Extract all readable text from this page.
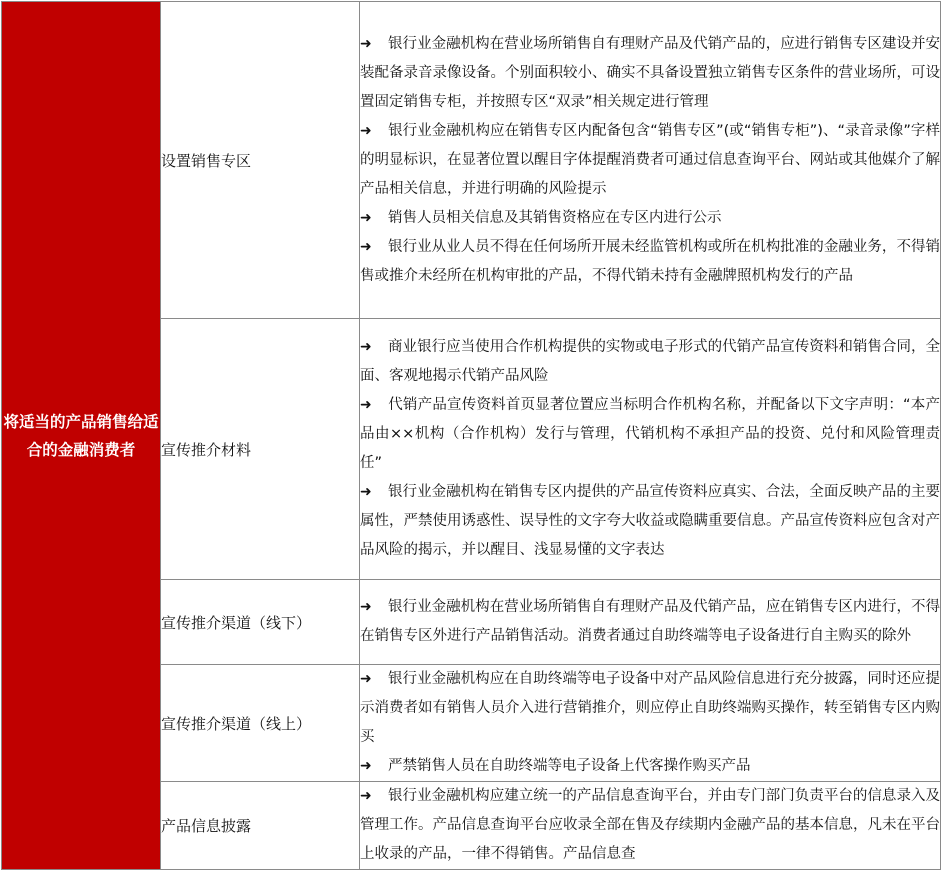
将适当的产品销售给适合的金融消费者	设置销售专区	➜ 银行业金融机构在营业场所销售自有理财产品及代销产品的，应进行销售专区建设并安装配备录音录像设备。个别面积较小、确实不具备设置独立销售专区条件的营业场所，可设置固定销售专柜，并按照专区“双录”相关规定进行管理

➜ 银行业金融机构应在销售专区内配备包含“销售专区”(或“销售专柜”)、“录音录像”字样的明显标识，在显著位置以醒目字体提醒消费者可通过信息查询平台、网站或其他媒介了解产品相关信息，并进行明确的风险提示

➜ 销售人员相关信息及其销售资格应在专区内进行公示

➜ 银行业从业人员不得在任何场所开展未经监管机构或所在机构批准的金融业务，不得销售或推介未经所在机构审批的产品，不得代销未持有金融牌照机构发行的产品

	宣传推介材料	➜ 商业银行应当使用合作机构提供的实物或电子形式的代销产品宣传资料和销售合同，全面、客观地揭示代销产品风险

➜ 代销产品宣传资料首页显著位置应当标明合作机构名称，并配备以下文字声明：“本产品由××机构（合作机构）发行与管理，代销机构不承担产品的投资、兑付和风险管理责任”

➜ 银行业金融机构在销售专区内提供的产品宣传资料应真实、合法，全面反映产品的主要属性，严禁使用诱惑性、误导性的文字夸大收益或隐瞒重要信息。产品宣传资料应包含对产品风险的揭示，并以醒目、浅显易懂的文字表达

	宣传推介渠道（线下）	➜ 银行业金融机构在营业场所销售自有理财产品及代销产品，应在销售专区内进行，不得在销售专区外进行产品销售活动。消费者通过自助终端等电子设备进行自主购买的除外

	宣传推介渠道（线上）	➜ 银行业金融机构应在自助终端等电子设备中对产品风险信息进行充分披露，同时还应提示消费者如有销售人员介入进行营销推介，则应停止自助终端购买操作，转至销售专区内购买

➜ 严禁销售人员在自助终端等电子设备上代客操作购买产品

	产品信息披露	➜ 银行业金融机构应建立统一的产品信息查询平台，并由专门部门负责平台的信息录入及管理工作。产品信息查询平台应收录全部在售及存续期内金融产品的基本信息，凡未在平台上收录的产品，一律不得销售。产品信息查
